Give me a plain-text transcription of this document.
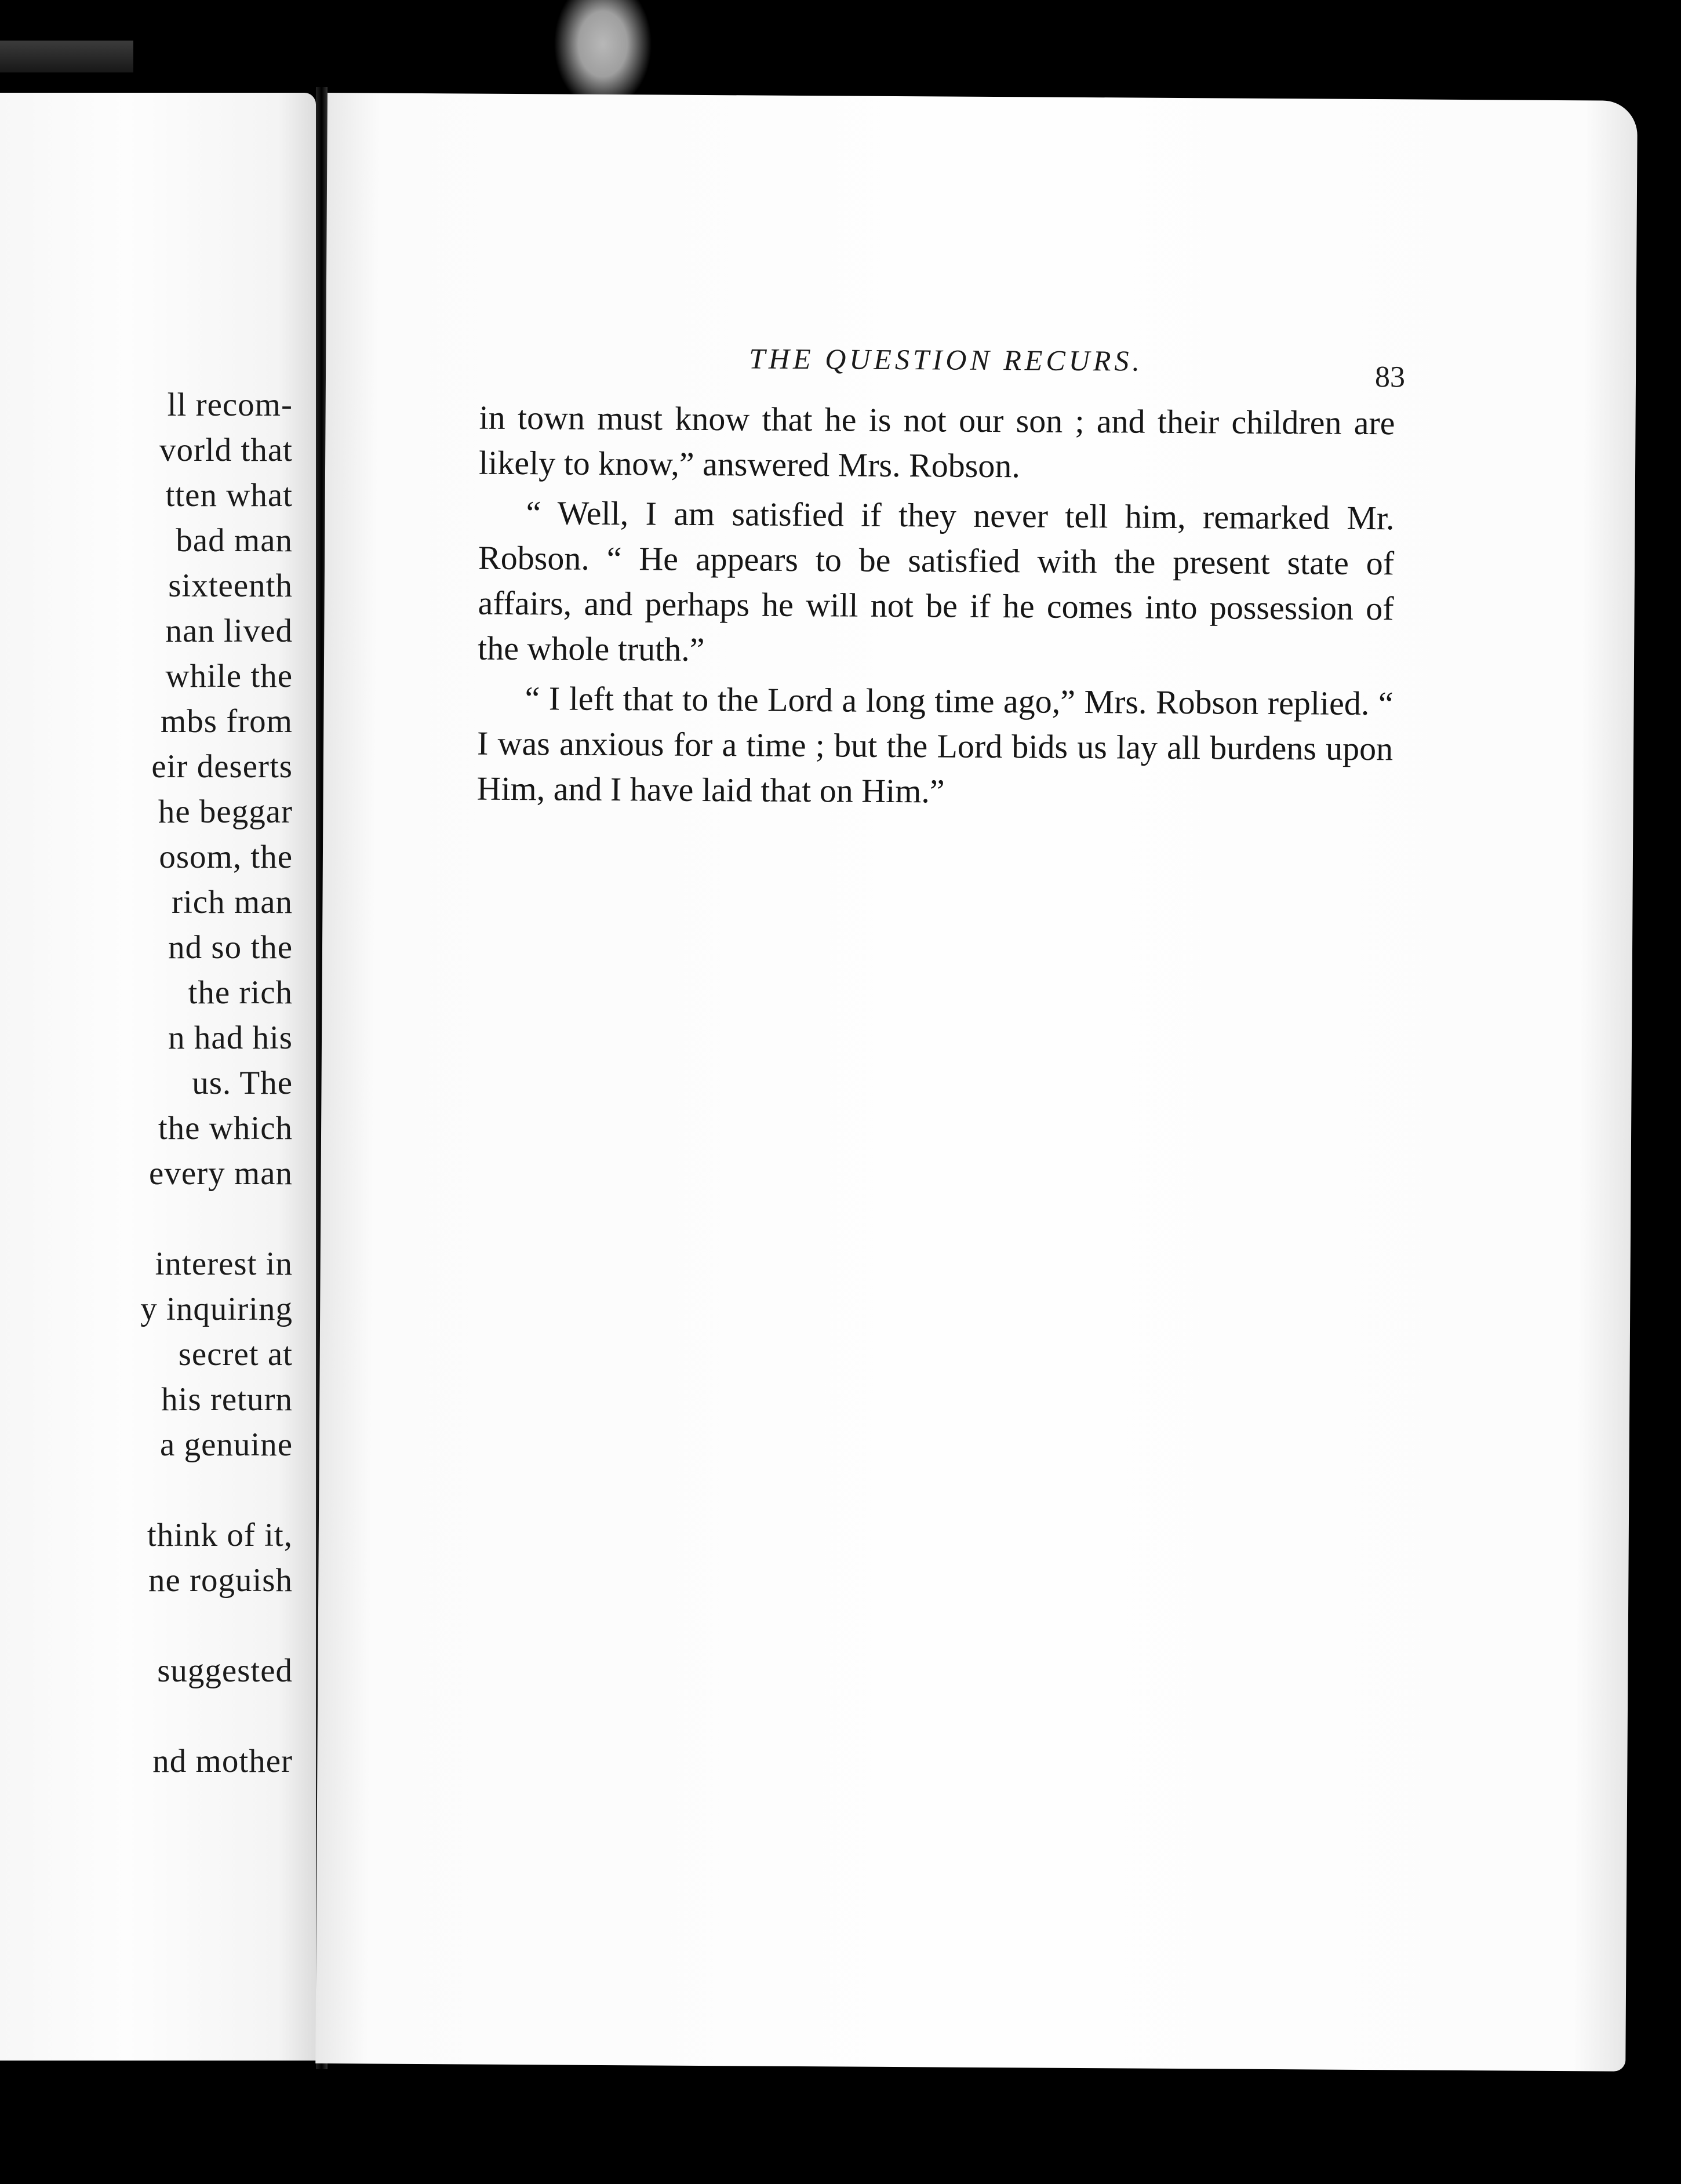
ll recom-
vorld that
tten what
bad man
sixteenth
nan lived
while the
mbs from
eir deserts
he beggar
osom, the
rich man
nd so the
the rich
n had his
us. The
the which
every man
interest in
y inquiring
secret at
his return
a genuine
think of it,
ne roguish
suggested
nd mother
THE QUESTION RECURS.
83

in town must know that he is not our son ; and their children are likely to know,” answered Mrs. Robson.

“ Well, I am satisfied if they never tell him, remarked Mr. Robson. “ He appears to be satisfied with the present state of affairs, and perhaps he will not be if he comes into possession of the whole truth.”

“ I left that to the Lord a long time ago,” Mrs. Robson replied. “ I was anxious for a time ; but the Lord bids us lay all burdens upon Him, and I have laid that on Him.”
